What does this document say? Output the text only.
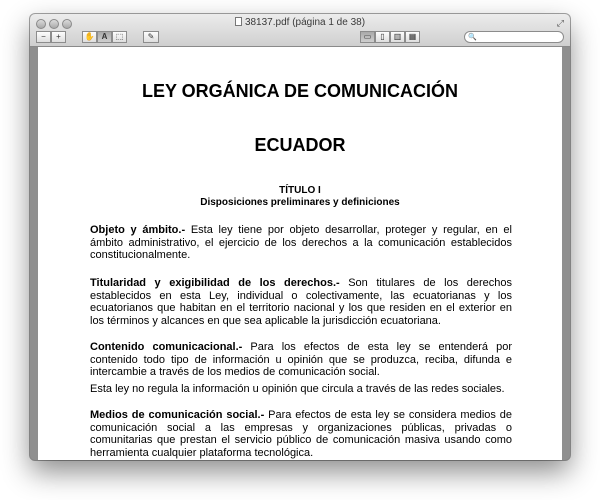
38137.pdf (página 1 de 38)	⤢
−	+	✋ A	⬚	✎	▭	▯	▥ ▦	🔍
LEY ORGÁNICA DE COMUNICACIÓN
ECUADOR
TÍTULO I
Disposiciones preliminares y definiciones
Objeto y ámbito.- Esta ley tiene por objeto desarrollar, proteger y regular, en el ámbito administrativo, el ejercicio de los derechos a la comunicación establecidos constitucionalmente.
Titularidad y exigibilidad de los derechos.- Son titulares de los derechos establecidos en esta Ley, individual o colectivamente, las ecuatorianas y los ecuatorianos que habitan en el territorio nacional y los que residen en el exterior en los términos y alcances en que sea aplicable la jurisdicción ecuatoriana.
Contenido comunicacional.- Para los efectos de esta ley se entenderá por contenido todo tipo de información u opinión que se produzca, reciba, difunda e intercambie a través de los medios de comunicación social.
Esta ley no regula la información u opinión que circula a través de las redes sociales.
Medios de comunicación social.- Para efectos de esta ley se considera medios de comunicación social a las empresas y organizaciones públicas, privadas o comunitarias que prestan el servicio público de comunicación masiva usando como herramienta cualquier plataforma tecnológica.
